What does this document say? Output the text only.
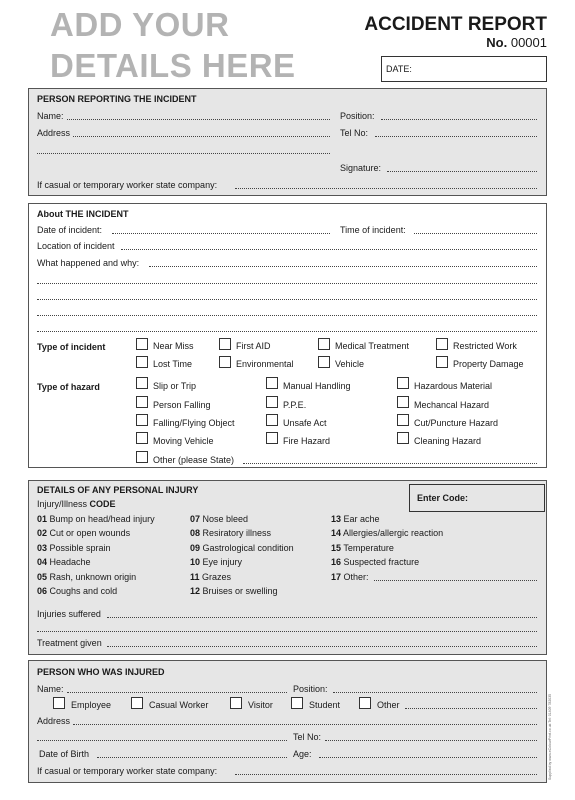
ADD YOUR
DETAILS HERE
ACCIDENT REPORT
No. 00001
DATE:
PERSON REPORTING THE INCIDENT
Name:	Position:
Address	Tel No:
Signature:
If casual or temporary worker state company:
About THE INCIDENT
Date of incident:	Time of incident:
Location of incident
What happened and why:
Type of incident	Near Miss	First AID	Medical Treatment	Restricted Work
Lost Time	Environmental	Vehicle	Property Damage
Type of hazard	Slip or Trip	Manual Handling	Hazardous Material
Person Falling	P.P.E.	Mechancal Hazard
Falling/Flying Object	Unsafe Act	Cut/Puncture Hazard
Moving Vehicle	Fire Hazard	Cleaning Hazard
Other (please State)
DETAILS OF ANY PERSONAL INJURY
Injury/Illness CODE
Enter Code:
01 Bump on head/head injury
02 Cut or open wounds
03 Possible sprain
04 Headache
05 Rash, unknown origin
06 Coughs and cold
07 Nose bleed
08 Resiratory illness
09 Gastrological condition
10 Eye injury
11 Grazes
12 Bruises or swelling
13 Ear ache
14 Allergies/allergic reaction
15 Temperature
16 Suspected fracture
17 Other:
Injuries suffered
Treatment given
PERSON WHO WAS INJURED
Name:	Position:
Employee	Casual Worker	Visitor	Student	Other
Address
Tel No:
Date of Birth	Age:
If casual or temporary worker state company:	Supplied by www.eColourPrint.co.uk Tel: 01409 782035
